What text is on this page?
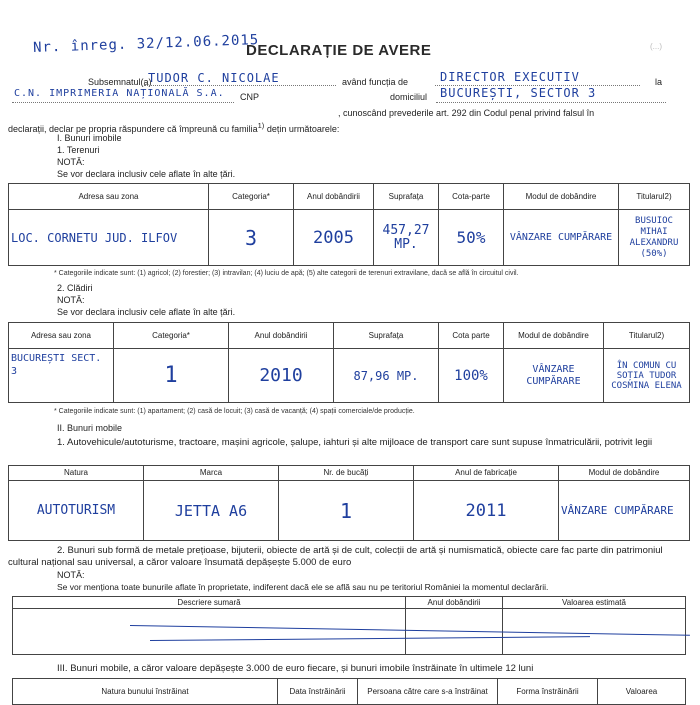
Nr. înreg. 32/12.06.2015
DECLARAȚIE DE AVERE	(...)
Subsemnatul(a)
TUDOR C. NICOLAE	având funcția de	DIRECTOR EXECUTIV	la
C.N. IMPRIMERIA NAȚIONALĂ S.A. CNP	domiciliul BUCUREȘTI, SECTOR 3
, cunoscând prevederile art. 292 din Codul penal privind falsul în
declarații, declar pe propria răspundere că împreună cu familia$^{1)}$ dețin următoarele:
I. Bunuri imobile
1. Terenuri
NOTĂ:
Se vor declara inclusiv cele aflate în alte țări.
Adresa sau zona	Categoria*	Anul dobândirii	Suprafața	Cota-parte	Modul de dobândire	Titularul2)
LOC. CORNETU JUD. ILFOV	3	2005	457,27 MP.	50%	VÂNZARE CUMPĂRARE	BUSUIOC MIHAI ALEXANDRU (50%)
* Categoriile indicate sunt: (1) agricol; (2) forestier; (3) intravilan; (4) luciu de apă; (5) alte categorii de terenuri extravilane, dacă se află în circuitul civil.
2. Clădiri
NOTĂ:
Se vor declara inclusiv cele aflate în alte țări.
Adresa sau zona	Categoria*	Anul dobândirii	Suprafața	Cota parte	Modul de dobândire	Titularul2)
BUCUREȘTI SECT. 3	1	2010	87,96 MP.	100%	VÂNZARE CUMPĂRARE	ÎN COMUN CU SOȚIA TUDOR COSMINA ELENA
* Categoriile indicate sunt: (1) apartament; (2) casă de locuit; (3) casă de vacanță; (4) spații comerciale/de producție.
II. Bunuri mobile
1. Autovehicule/autoturisme, tractoare, mașini agricole, șalupe, iahturi și alte mijloace de transport care sunt supuse înmatriculării, potrivit legii
Natura	Marca	Nr. de bucăți	Anul de fabricație	Modul de dobândire
AUTOTURISM	JETTA A6	1	2011	VÂNZARE CUMPĂRARE
2. Bunuri sub formă de metale prețioase, bijuterii, obiecte de artă și de cult, colecții de artă și numismatică, obiecte care fac parte din patrimoniul cultural național sau universal, a căror valoare însumată depășește 5.000 de euro
NOTĂ:
Se vor menționa toate bunurile aflate în proprietate, indiferent dacă ele se află sau nu pe teritoriul României la momentul declarării.
Descriere sumară	Anul dobândirii	Valoarea estimată

III. Bunuri mobile, a căror valoare depășește 3.000 de euro fiecare, și bunuri imobile înstrăinate în ultimele 12 luni
Natura bunului înstrăinat	Data înstrăinării	Persoana către care s-a înstrăinat	Forma înstrăinării	Valoarea
